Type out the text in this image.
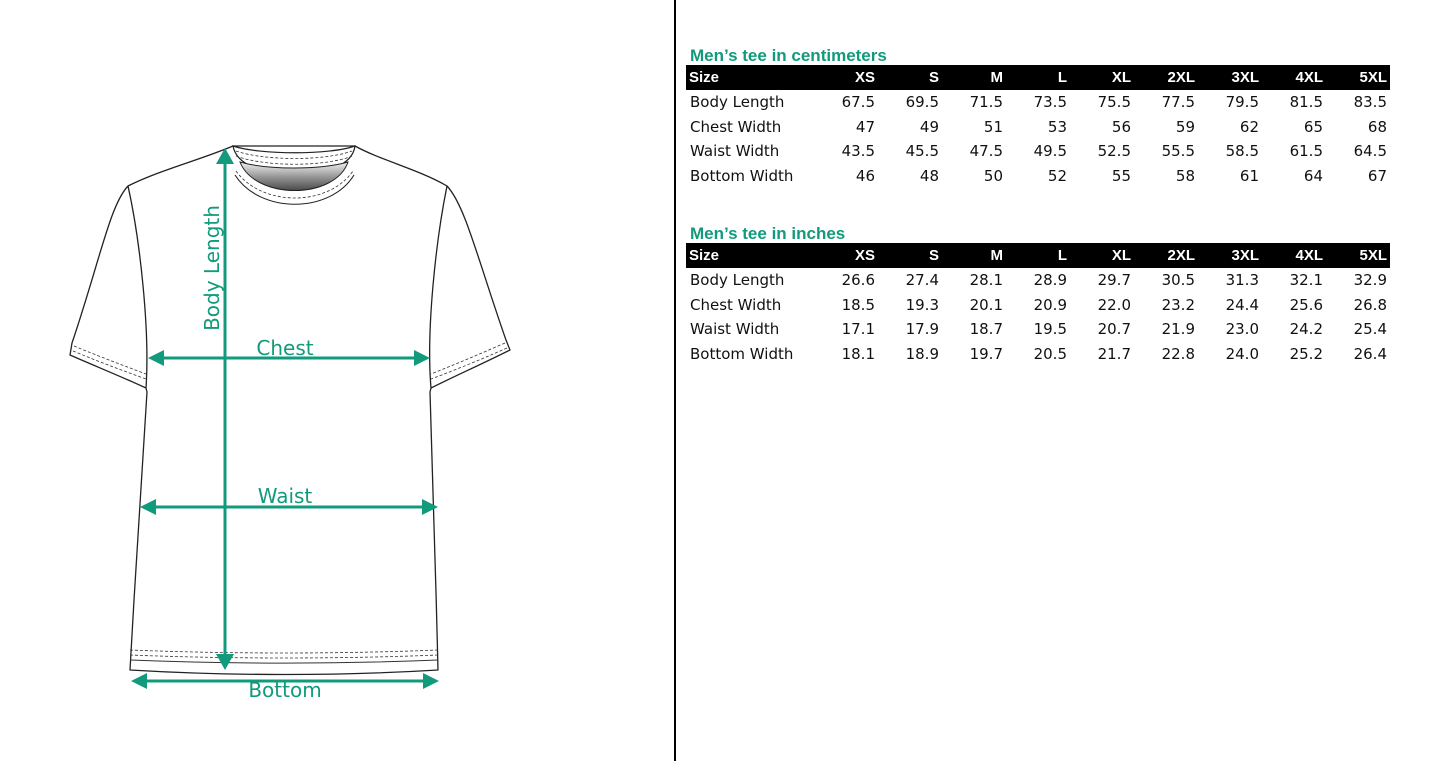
Body Length
Chest
Waist
Bottom
Men’s tee in centimeters
Size	XS	S	M	L	XL	2XL	3XL	4XL	5XL
Body Length	67.5	69.5	71.5	73.5	75.5	77.5	79.5	81.5	83.5
Chest Width	47	49	51	53	56	59	62	65	68
Waist Width	43.5	45.5	47.5	49.5	52.5	55.5	58.5	61.5	64.5
Bottom Width	46	48	50	52	55	58	61	64	67
Men’s tee in inches
Size	XS	S	M	L	XL	2XL	3XL	4XL	5XL
Body Length	26.6	27.4	28.1	28.9	29.7	30.5	31.3	32.1	32.9
Chest Width	18.5	19.3	20.1	20.9	22.0	23.2	24.4	25.6	26.8
Waist Width	17.1	17.9	18.7	19.5	20.7	21.9	23.0	24.2	25.4
Bottom Width	18.1	18.9	19.7	20.5	21.7	22.8	24.0	25.2	26.4
